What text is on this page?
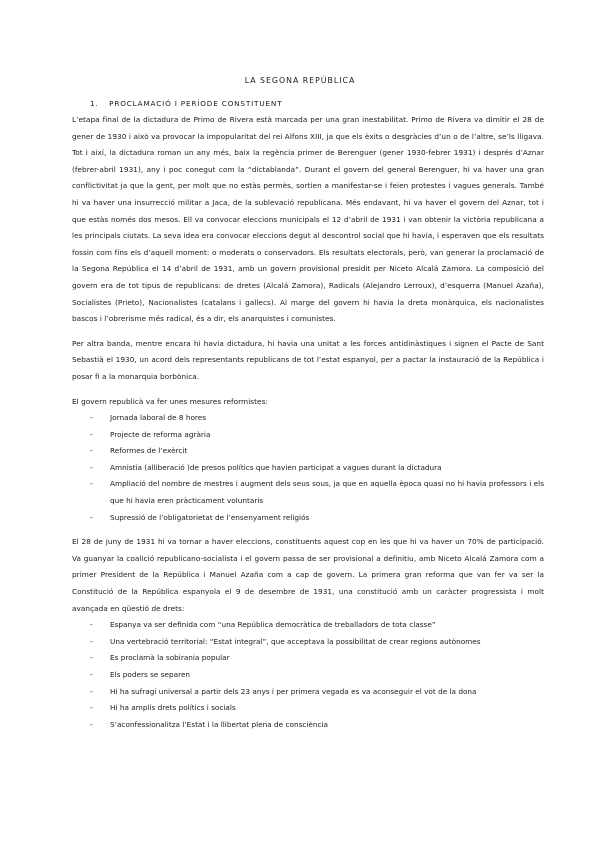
LA SEGONA REPÚBLICA
1. PROCLAMACIÓ I PERÍODE CONSTITUENT

L’etapa final de la dictadura de Primo de Rivera està marcada per una gran inestabilitat. Primo de Rivera va dimitir el 28 de gener de 1930 i això va provocar la impopularitat del rei Alfons XIII, ja que els èxits o desgràcies d’un o de l’altre, se’ls lligava. Tot i així, la dictadura roman un any més, baix la regència primer de Berenguer (gener 1930-febrer 1931) i després d’Aznar (febrer-abril 1931), any i poc conegut com la “dictablanda”. Durant el govern del general Berenguer, hi va haver una gran conflictivitat ja que la gent, per molt que no estàs permès, sortien a manifestar-se i feien protestes i vagues generals. També hi va haver una insurrecció militar a Jaca, de la sublevació republicana. Més endavant, hi va haver el govern del Aznar, tot i que estàs només dos mesos. Ell va convocar eleccions municipals el 12 d’abril de 1931 i van obtenir la victòria republicana a les principals ciutats. La seva idea era convocar eleccions degut al descontrol social que hi havia, i esperaven que els resultats fossin com fins els d’aquell moment: o moderats o conservadors. Els resultats electorals, però, van generar la proclamació de la Segona República el 14 d’abril de 1931, amb un govern provisional presidit per Niceto Alcalá Zamora. La composició del govern era de tot tipus de republicans: de dretes (Alcalá Zamora), Radicals (Alejandro Lerroux), d’esquerra (Manuel Azaña), Socialistes (Prieto), Nacionalistes (catalans i gallecs). Al marge del govern hi havia la dreta monàrquica, els nacionalistes bascos i l’obrerisme més radical, és a dir, els anarquistes i comunistes.

Per altra banda, mentre encara hi havia dictadura, hi havia una unitat a les forces antidinàstiques i signen el Pacte de Sant Sebastià el 1930, un acord dels representants republicans de tot l’estat espanyol, per a pactar la instauració de la República i posar fi a la monarquia borbònica.

El govern republicà va fer unes mesures reformistes:

- Jornada laboral de 8 hores
- Projecte de reforma agrària
- Reformes de l’exèrcit
- Amnistia (alliberació )de presos polítics que havien participat a vagues durant la dictadura
- Ampliació del nombre de mestres i augment dels seus sous, ja que en aquella època quasi no hi havia professors i els que hi havia eren pràcticament voluntaris
- Supressió de l’obligatorietat de l’ensenyament religiós

El 28 de juny de 1931 hi va tornar a haver eleccions, constituents aquest cop en les que hi va haver un 70% de participació. Va guanyar la coalició republicano-socialista i el govern passa de ser provisional a definitiu, amb Niceto Alcalá Zamora com a primer President de la República i Manuel Azaña com a cap de govern. La primera gran reforma que van fer va ser la Constitució de la República espanyola el 9 de desembre de 1931, una constitució amb un caràcter progressista i molt avançada en qüestió de drets:

- Espanya va ser definida com “una República democràtica de treballadors de tota classe”
- Una vertebració territorial: “Estat integral”, que acceptava la possibilitat de crear regions autònomes
- Es proclamà la sobirania popular
- Els poders se separen
- Hi ha sufragi universal a partir dels 23 anys i per primera vegada es va aconseguir el vot de la dona
- Hi ha amplis drets polítics i socials
- S’aconfessionalitza l’Estat i la llibertat plena de consciència
